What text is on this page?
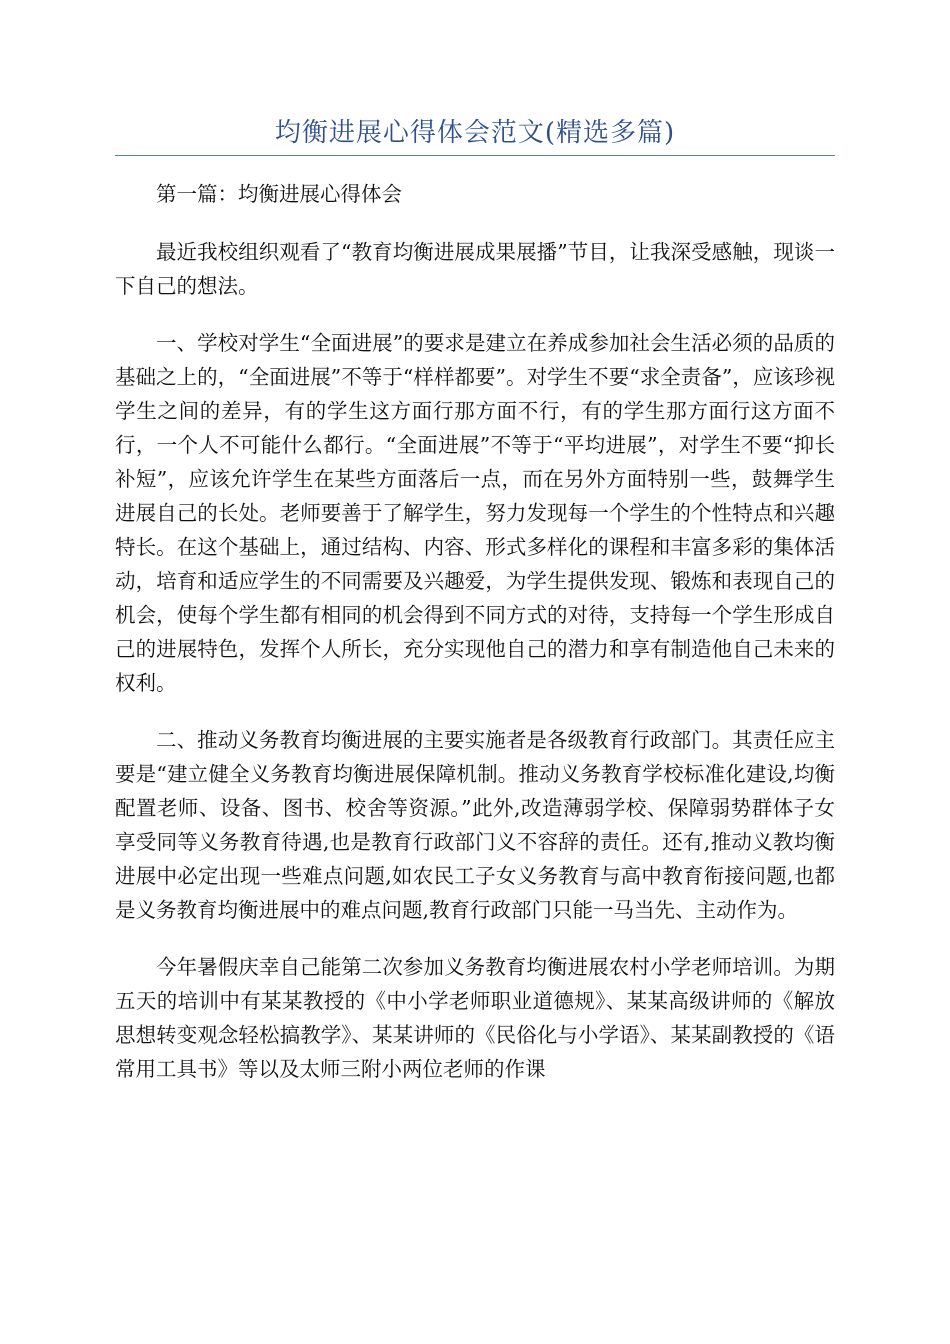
均衡进展心得体会范文(精选多篇)

第一篇：均衡进展心得体会

最近我校组织观看了“教育均衡进展成果展播”节目，让我深受感触，现谈一下自己的想法。

一、学校对学生“全面进展”的要求是建立在养成参加社会生活必须的品质的基础之上的，“全面进展”不等于“样样都要”。对学生不要“求全责备”，应该珍视学生之间的差异，有的学生这方面行那方面不行，有的学生那方面行这方面不行，一个人不可能什么都行。“全面进展”不等于“平均进展”，对学生不要“抑长补短”，应该允许学生在某些方面落后一点，而在另外方面特别一些，鼓舞学生进展自己的长处。老师要善于了解学生，努力发现每一个学生的个性特点和兴趣特长。在这个基础上，通过结构、内容、形式多样化的课程和丰富多彩的集体活动，培育和适应学生的不同需要及兴趣爱，为学生提供发现、锻炼和表现自己的机会，使每个学生都有相同的机会得到不同方式的对待，支持每一个学生形成自己的进展特色，发挥个人所长，充分实现他自己的潜力和享有制造他自己未来的权利。

二、推动义务教育均衡进展的主要实施者是各级教育行政部门。其责任应主要是“建立健全义务教育均衡进展保障机制。推动义务教育学校标准化建设,均衡配置老师、设备、图书、校舍等资源。”此外,改造薄弱学校、保障弱势群体子女享受同等义务教育待遇,也是教育行政部门义不容辞的责任。还有,推动义教均衡进展中必定出现一些难点问题,如农民工子女义务教育与高中教育衔接问题,也都是义务教育均衡进展中的难点问题,教育行政部门只能一马当先、主动作为。

今年暑假庆幸自己能第二次参加义务教育均衡进展农村小学老师培训。为期五天的培训中有某某教授的《中小学老师职业道德规》、某某高级讲师的《解放思想转变观念轻松搞教学》、某某讲师的《民俗化与小学语》、某某副教授的《语常用工具书》等以及太师三附小两位老师的作课
